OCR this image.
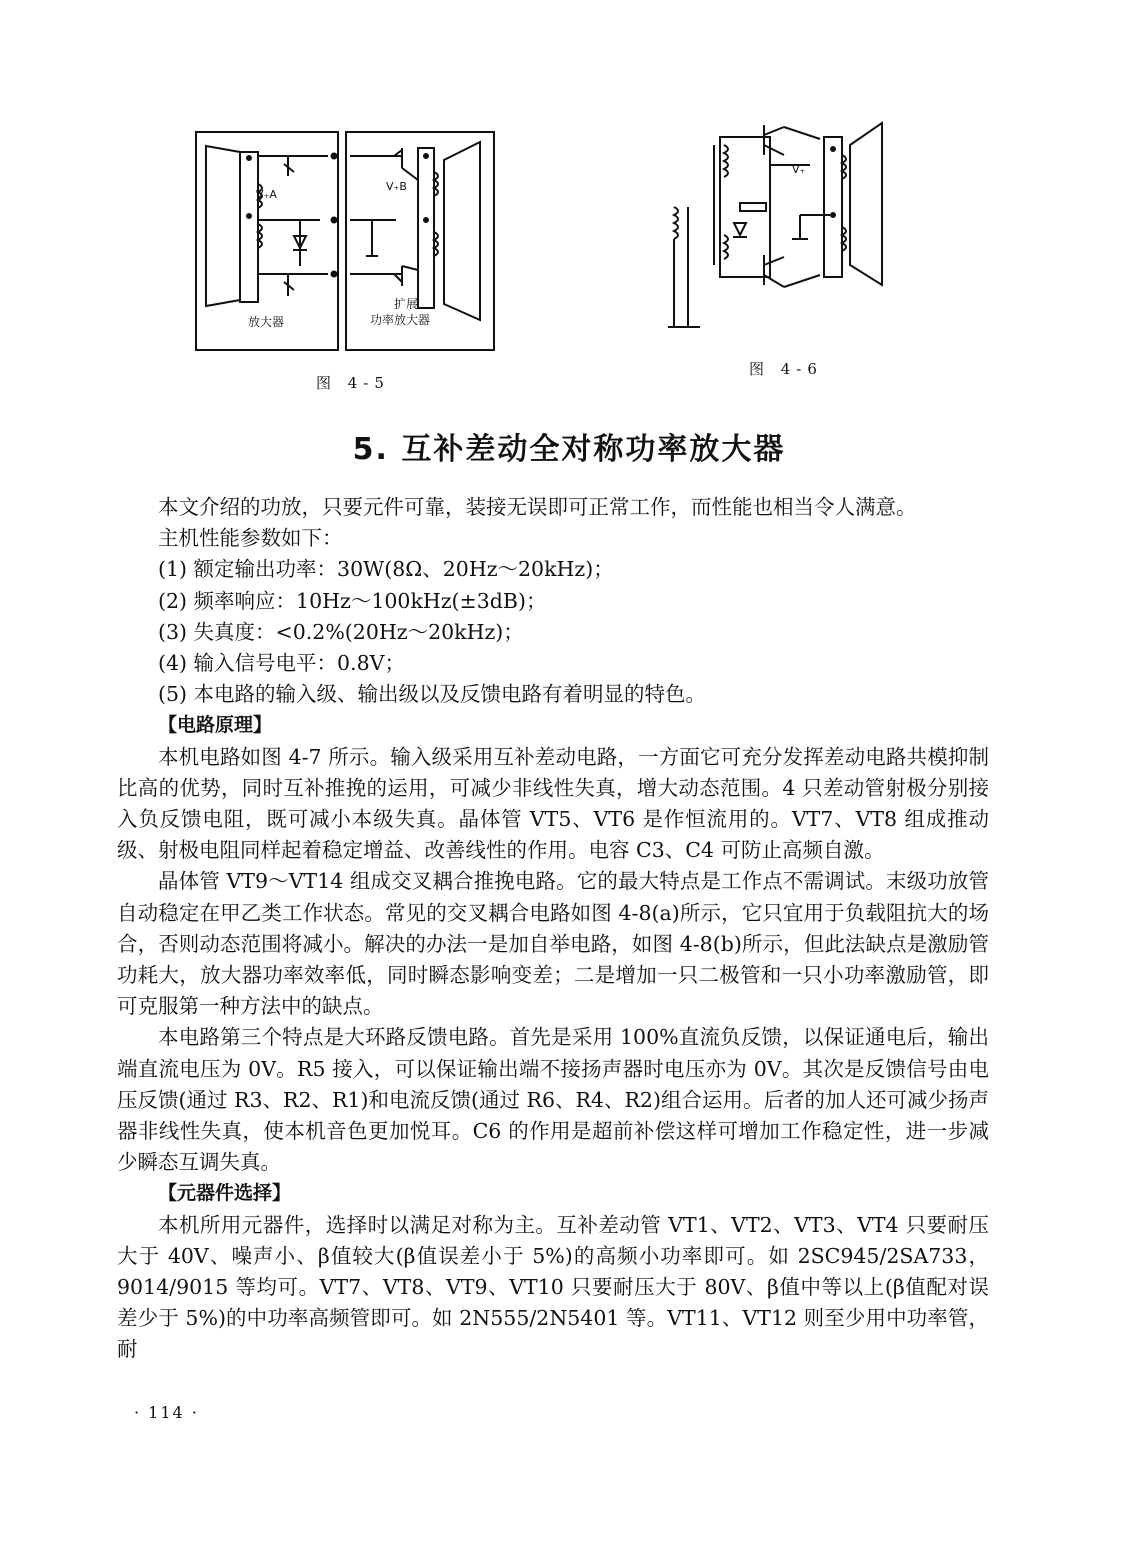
V₊A
V₊B
放大器
扩展
功率放大器
图 4-5
V₊
图 4-6
5. 互补差动全对称功率放大器

本文介绍的功放，只要元件可靠，装接无误即可正常工作，而性能也相当令人满意。

主机性能参数如下：

(1) 额定输出功率：30W(8Ω、20Hz～20kHz)；

(2) 频率响应：10Hz～100kHz(±3dB)；

(3) 失真度：<0.2%(20Hz～20kHz)；

(4) 输入信号电平：0.8V；

(5) 本电路的输入级、输出级以及反馈电路有着明显的特色。

【电路原理】

本机电路如图 4-7 所示。输入级采用互补差动电路，一方面它可充分发挥差动电路共模抑制比高的优势，同时互补推挽的运用，可减少非线性失真，增大动态范围。4 只差动管射极分别接入负反馈电阻，既可减小本级失真。晶体管 VT5、VT6 是作恒流用的。VT7、VT8 组成推动级、射极电阻同样起着稳定增益、改善线性的作用。电容 C3、C4 可防止高频自激。

晶体管 VT9～VT14 组成交叉耦合推挽电路。它的最大特点是工作点不需调试。末级功放管自动稳定在甲乙类工作状态。常见的交叉耦合电路如图 4-8(a)所示，它只宜用于负载阻抗大的场合，否则动态范围将减小。解决的办法一是加自举电路，如图 4-8(b)所示，但此法缺点是激励管功耗大，放大器功率效率低，同时瞬态影响变差；二是增加一只二极管和一只小功率激励管，即可克服第一种方法中的缺点。

本电路第三个特点是大环路反馈电路。首先是采用 100%直流负反馈，以保证通电后，输出端直流电压为 0V。R5 接入，可以保证输出端不接扬声器时电压亦为 0V。其次是反馈信号由电压反馈(通过 R3、R2、R1)和电流反馈(通过 R6、R4、R2)组合运用。后者的加人还可减少扬声器非线性失真，使本机音色更加悦耳。C6 的作用是超前补偿这样可增加工作稳定性，进一步减少瞬态互调失真。

【元器件选择】

本机所用元器件，选择时以满足对称为主。互补差动管 VT1、VT2、VT3、VT4 只要耐压大于 40V、噪声小、β值较大(β值误差小于 5%)的高频小功率即可。如 2SC945/2SA733，9014/9015 等均可。VT7、VT8、VT9、VT10 只要耐压大于 80V、β值中等以上(β值配对误差少于 5%)的中功率高频管即可。如 2N555/2N5401 等。VT11、VT12 则至少用中功率管，耐

· 114 ·
